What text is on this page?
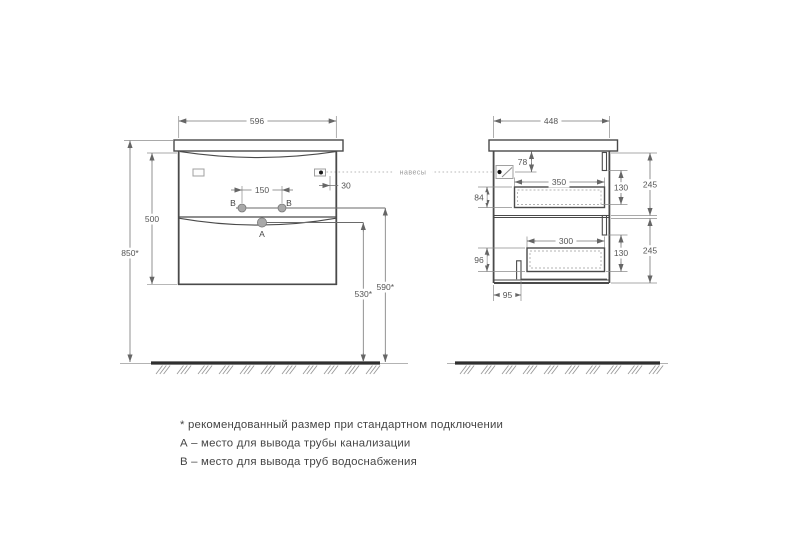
B	B
A
навесы
596
500
850*
150	30
590*
530*
448
78
350
84
96
300
130 245
130 245
95
* рекомендованный размер при стандартном подключении
А – место для вывода трубы канализации
В – место для вывода труб водоснабжения
